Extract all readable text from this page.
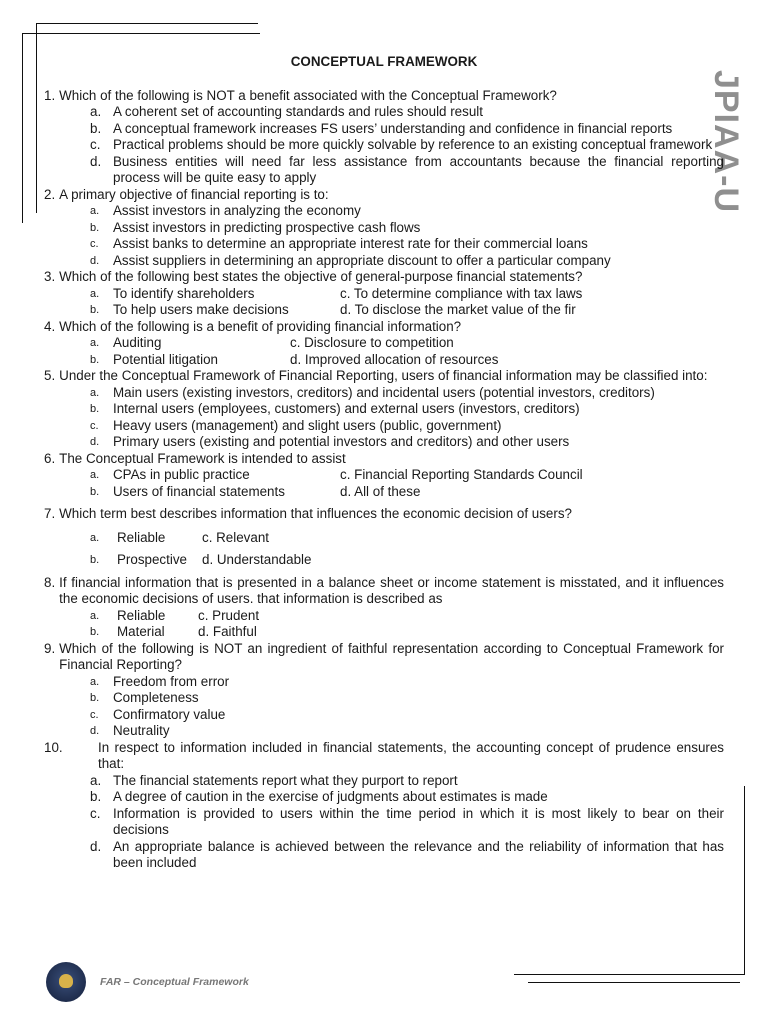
JPIAA-U
CONCEPTUAL FRAMEWORK
1. Which of the following is NOT a benefit associated with the Conceptual Framework?
a. A coherent set of accounting standards and rules should result
b. A conceptual framework increases FS users’ understanding and confidence in financial reports
c. Practical problems should be more quickly solvable by reference to an existing conceptual framework
d. Business entities will need far less assistance from accountants because the financial reporting process will be quite easy to apply
2. A primary objective of financial reporting is to:
a.	Assist investors in analyzing the economy
b.	Assist investors in predicting prospective cash flows
c.	Assist banks to determine an appropriate interest rate for their commercial loans
d.	Assist suppliers in determining an appropriate discount to offer a particular company
3. Which of the following best states the objective of general-purpose financial statements?
a.	To identify shareholders	c. To determine compliance with tax laws
b.	To help users make decisions	d. To disclose the market value of the fir
4. Which of the following is a benefit of providing financial information?
a.	Auditing	c. Disclosure to competition
b.	Potential litigation	d. Improved allocation of resources
5. Under the Conceptual Framework of Financial Reporting, users of financial information may be classified into:
a.	Main users (existing investors, creditors) and incidental users (potential investors, creditors)
b.	Internal users (employees, customers) and external users (investors, creditors)
c.	Heavy users (management) and slight users (public, government)
d.	Primary users (existing and potential investors and creditors) and other users
6. The Conceptual Framework is intended to assist
a.	CPAs in public practice	c. Financial Reporting Standards Council
b.	Users of financial statements	d. All of these
7. Which term best describes information that influences the economic decision of users?
a.	Reliable	c. Relevant
b.	Prospective d. Understandable
8. If financial information that is presented in a balance sheet or income statement is misstated, and it influences the economic decisions of users. that information is described as
a.	Reliable c. Prudent
b.	Material d. Faithful
9. Which of the following is NOT an ingredient of faithful representation according to Conceptual Framework for Financial Reporting?
a.	Freedom from error
b.	Completeness
c.	Confirmatory value
d.	Neutrality
10.	In respect to information included in financial statements, the accounting concept of prudence ensures that:
a. The financial statements report what they purport to report
b. A degree of caution in the exercise of judgments about estimates is made
c. Information is provided to users within the time period in which it is most likely to bear on their decisions
d. An appropriate balance is achieved between the relevance and the reliability of information that has been included
FAR – Conceptual Framework
